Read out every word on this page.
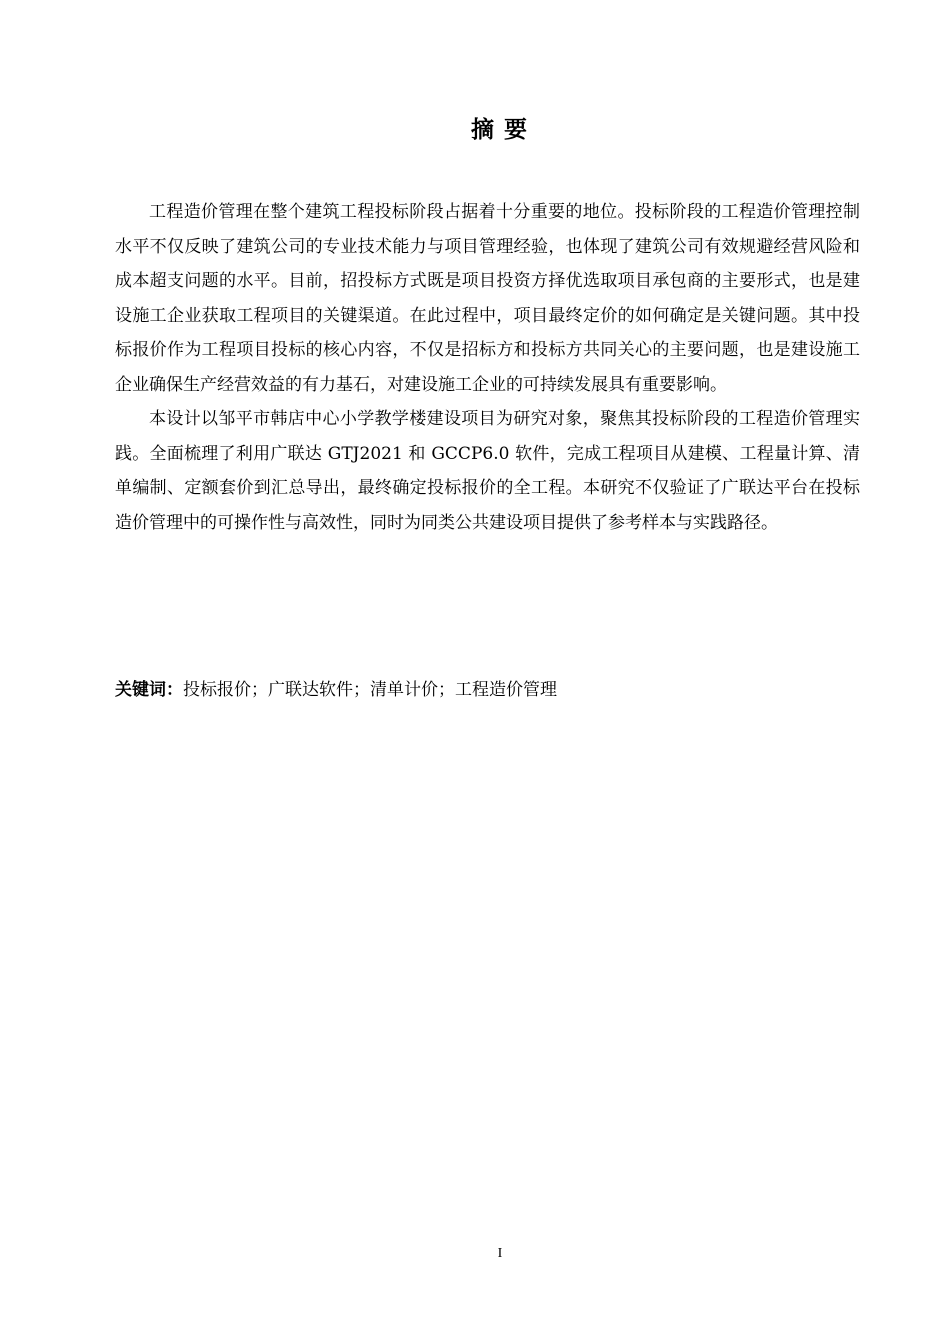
摘要

工程造价管理在整个建筑工程投标阶段占据着十分重要的地位。投标阶段的工程造价管理控制水平不仅反映了建筑公司的专业技术能力与项目管理经验，也体现了建筑公司有效规避经营风险和成本超支问题的水平。目前，招投标方式既是项目投资方择优选取项目承包商的主要形式，也是建设施工企业获取工程项目的关键渠道。在此过程中，项目最终定价的如何确定是关键问题。其中投标报价作为工程项目投标的核心内容，不仅是招标方和投标方共同关心的主要问题，也是建设施工企业确保生产经营效益的有力基石，对建设施工企业的可持续发展具有重要影响。

本设计以邹平市韩店中心小学教学楼建设项目为研究对象，聚焦其投标阶段的工程造价管理实践。全面梳理了利用广联达 GTJ2021 和 GCCP6.0 软件，完成工程项目从建模、工程量计算、清单编制、定额套价到汇总导出，最终确定投标报价的全工程。本研究不仅验证了广联达平台在投标造价管理中的可操作性与高效性，同时为同类公共建设项目提供了参考样本与实践路径。

关键词：投标报价；广联达软件；清单计价；工程造价管理
I
